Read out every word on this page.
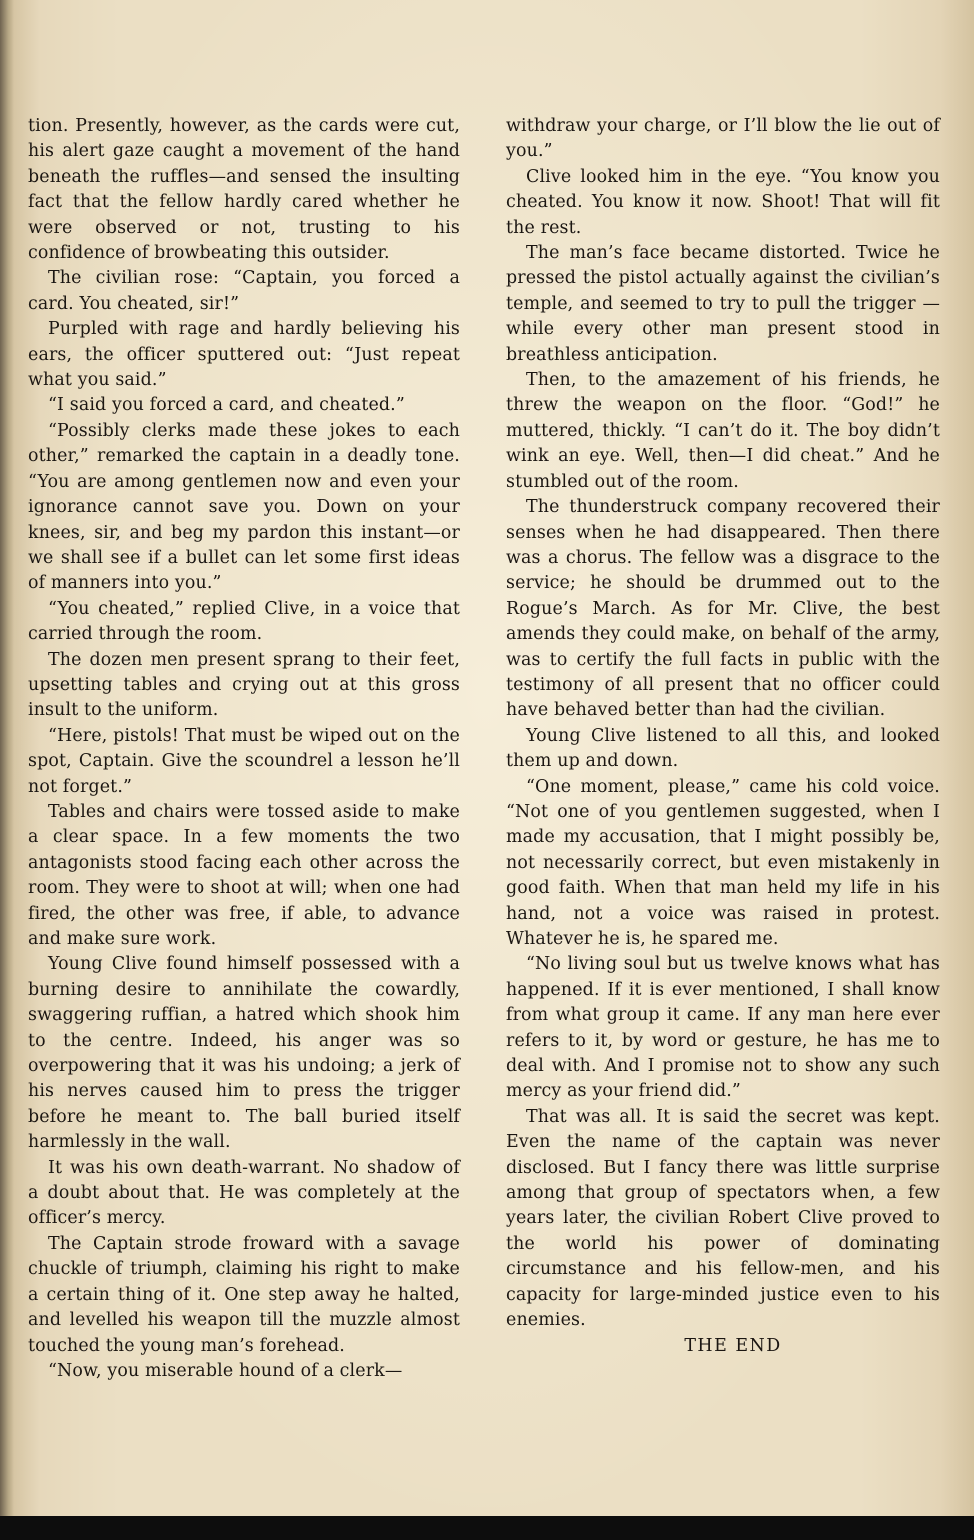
tion. Presently, however, as the cards were cut, his alert gaze caught a movement of the hand beneath the ruffles—and sensed the insulting fact that the fellow hardly cared whether he were observed or not, trusting to his confidence of browbeating this outsider.

The civilian rose: “Captain, you forced a card. You cheated, sir!”

Purpled with rage and hardly believing his ears, the officer sputtered out: “Just repeat what you said.”

“I said you forced a card, and cheated.”

“Possibly clerks made these jokes to each other,” remarked the captain in a deadly tone. “You are among gentlemen now and even your ignorance cannot save you. Down on your knees, sir, and beg my pardon this instant—or we shall see if a bullet can let some first ideas of manners into you.”

“You cheated,” replied Clive, in a voice that carried through the room.

The dozen men present sprang to their feet, upsetting tables and crying out at this gross insult to the uniform.

“Here, pistols! That must be wiped out on the spot, Captain. Give the scoundrel a lesson he’ll not forget.”

Tables and chairs were tossed aside to make a clear space. In a few moments the two antagonists stood facing each other across the room. They were to shoot at will; when one had fired, the other was free, if able, to advance and make sure work.

Young Clive found himself possessed with a burning desire to annihilate the cowardly, swaggering ruffian, a hatred which shook him to the centre. Indeed, his anger was so overpowering that it was his undoing; a jerk of his nerves caused him to press the trigger before he meant to. The ball buried itself harmlessly in the wall.

It was his own death-warrant. No shadow of a doubt about that. He was completely at the officer’s mercy.

The Captain strode froward with a savage chuckle of triumph, claiming his right to make a certain thing of it. One step away he halted, and levelled his weapon till the muzzle almost touched the young man’s forehead.

“Now, you miserable hound of a clerk—

withdraw your charge, or I’ll blow the lie out of you.”

Clive looked him in the eye. “You know you cheated. You know it now. Shoot! That will fit the rest.

The man’s face became distorted. Twice he pressed the pistol actually against the civilian’s temple, and seemed to try to pull the trigger — while every other man present stood in breathless anticipation.

Then, to the amazement of his friends, he threw the weapon on the floor. “God!” he muttered, thickly. “I can’t do it. The boy didn’t wink an eye. Well, then—I did cheat.” And he stumbled out of the room.

The thunderstruck company recovered their senses when he had disappeared. Then there was a chorus. The fellow was a disgrace to the service; he should be drummed out to the Rogue’s March. As for Mr. Clive, the best amends they could make, on behalf of the army, was to certify the full facts in public with the testimony of all present that no officer could have behaved better than had the civilian.

Young Clive listened to all this, and looked them up and down.

“One moment, please,” came his cold voice. “Not one of you gentlemen suggested, when I made my accusation, that I might possibly be, not necessarily correct, but even mistakenly in good faith. When that man held my life in his hand, not a voice was raised in protest. Whatever he is, he spared me.

“No living soul but us twelve knows what has happened. If it is ever mentioned, I shall know from what group it came. If any man here ever refers to it, by word or gesture, he has me to deal with. And I promise not to show any such mercy as your friend did.”

That was all. It is said the secret was kept. Even the name of the captain was never disclosed. But I fancy there was little surprise among that group of spectators when, a few years later, the civilian Robert Clive proved to the world his power of dominating circumstance and his fellow-men, and his capacity for large-minded justice even to his enemies.

THE END
